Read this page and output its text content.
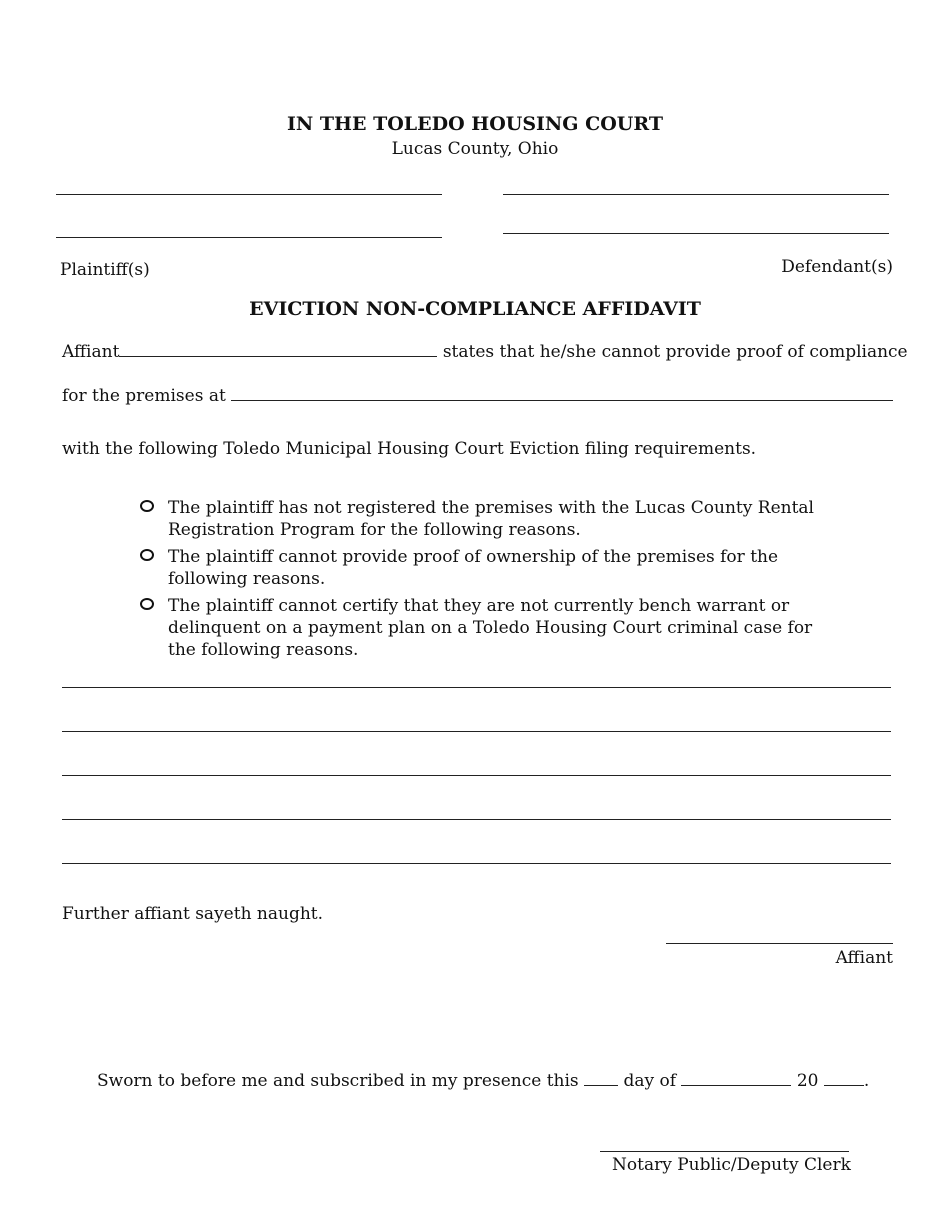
IN THE TOLEDO HOUSING COURT
Lucas County, Ohio
Plaintiff(s)	Defendant(s)
EVICTION NON-COMPLIANCE AFFIDAVIT
Affiant	states that he/she cannot provide proof of compliance
for the premises at
with the following Toledo Municipal Housing Court Eviction filing requirements.
The plaintiff has not registered the premises with the Lucas County Rental Registration Program for the following reasons.
The plaintiff cannot provide proof of ownership of the premises for the following reasons.
The plaintiff cannot certify that they are not currently bench warrant or delinquent on a payment plan on a Toledo Housing Court criminal case for the following reasons.
Further affiant sayeth naught.
Affiant
Sworn to before me and subscribed in my presence this	day of	20	.
Notary Public/Deputy Clerk
